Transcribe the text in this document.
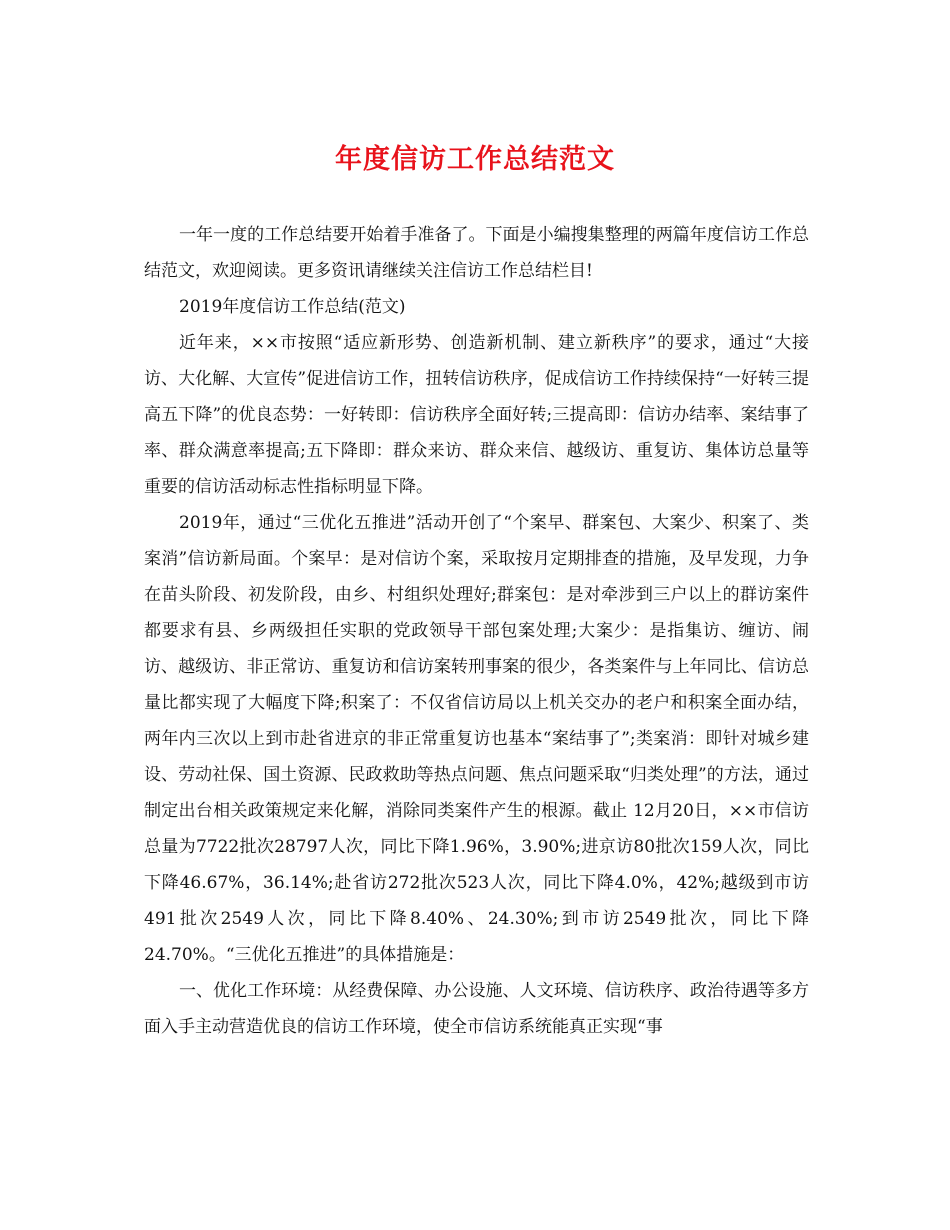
年度信访工作总结范文

一年一度的工作总结要开始着手准备了。下面是小编搜集整理的两篇年度信访工作总结范文，欢迎阅读。更多资讯请继续关注信访工作总结栏目!

2019年度信访工作总结(范文)

近年来，××市按照“适应新形势、创造新机制、建立新秩序”的要求，通过“大接访、大化解、大宣传”促进信访工作，扭转信访秩序，促成信访工作持续保持“一好转三提高五下降”的优良态势：一好转即：信访秩序全面好转;三提高即：信访办结率、案结事了率、群众满意率提高;五下降即：群众来访、群众来信、越级访、重复访、集体访总量等重要的信访活动标志性指标明显下降。

2019年，通过“三优化五推进”活动开创了“个案早、群案包、大案少、积案了、类案消”信访新局面。个案早：是对信访个案，采取按月定期排查的措施，及早发现，力争在苗头阶段、初发阶段，由乡、村组织处理好;群案包：是对牵涉到三户以上的群访案件都要求有县、乡两级担任实职的党政领导干部包案处理;大案少：是指集访、缠访、闹访、越级访、非正常访、重复访和信访案转刑事案的很少，各类案件与上年同比、信访总量比都实现了大幅度下降;积案了：不仅省信访局以上机关交办的老户和积案全面办结，两年内三次以上到市赴省进京的非正常重复访也基本“案结事了”;类案消：即针对城乡建设、劳动社保、国土资源、民政救助等热点问题、焦点问题采取“归类处理”的方法，通过制定出台相关政策规定来化解，消除同类案件产生的根源。截止 12月20日，××市信访总量为7722批次28797人次，同比下降1.96%，3.90%;进京访80批次159人次，同比下降46.67%，36.14%;赴省访272批次523人次，同比下降4.0%，42%;越级到市访491批次2549人次，同比下降8.40%、24.30%;到市访2549批次，同比下降24.70%。“三优化五推进”的具体措施是：

一、优化工作环境：从经费保障、办公设施、人文环境、信访秩序、政治待遇等多方面入手主动营造优良的信访工作环境，使全市信访系统能真正实现“事
